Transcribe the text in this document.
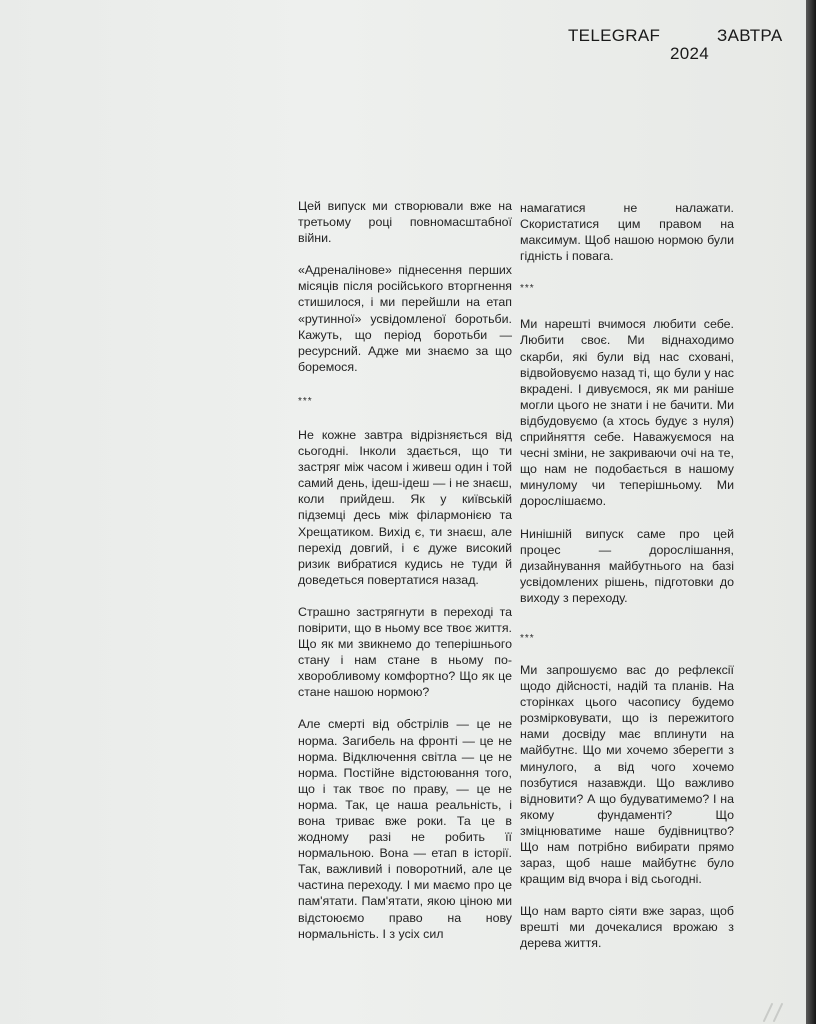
TELEGRAF	ЗАВТРА
2024

Цей випуск ми створювали вже на третьому році повномасштабної війни.

«Адреналінове» піднесення перших місяців після російського вторгнення стишилося, і ми перейшли на етап «рутинної» усвідомленої боротьби. Кажуть, що період боротьби — ресурсний. Адже ми знаємо за що боремося.

***

Не кожне завтра відрізняється від сьогодні. Інколи здається, що ти застряг між часом і живеш один і той самий день, ідеш-ідеш — і не знаєш, коли прийдеш. Як у київській підземці десь між філармонією та Хрещатиком. Вихід є, ти знаєш, але перехід довгий, і є дуже високий ризик вибратися кудись не туди й доведеться повертатися назад.

Страшно застрягнути в переході та повірити, що в ньому все твоє життя. Що як ми звикнемо до теперішнього стану і нам стане в ньому по-хворобливому комфортно? Що як це стане нашою нормою?

Але смерті від обстрілів — це не норма. Загибель на фронті — це не норма. Відключення світла — це не норма. Постійне відстоювання того, що і так твоє по праву, — це не норма. Так, це наша реальність, і вона триває вже роки. Та це в жодному разі не робить її нормальною. Вона — етап в історії. Так, важливий і поворотний, але це частина переходу. І ми маємо про це пам'ятати. Пам'ятати, якою ціною ми відстоюємо право на нову нормальність. І з усіх сил

намагатися не налажати. Скористатися цим правом на максимум. Щоб нашою нормою були гідність і повага.

***

Ми нарешті вчимося любити себе. Любити своє. Ми віднаходимо скарби, які були від нас сховані, відвойовуємо назад ті, що були у нас вкрадені. І дивуємося, як ми раніше могли цього не знати і не бачити. Ми відбудовуємо (а хтось будує з нуля) сприйняття себе. Наважуємося на чесні зміни, не закриваючи очі на те, що нам не подобається в нашому минулому чи теперішньому. Ми дорослішаємо.

Нинішній випуск саме про цей процес — дорослішання, дизайнування майбутнього на базі усвідомлених рішень, підготовки до виходу з переходу.

***

Ми запрошуємо вас до рефлексії щодо дійсності, надій та планів. На сторінках цього часопису будемо розмірковувати, що із пережитого нами досвіду має вплинути на майбутнє. Що ми хочемо зберегти з минулого, а від чого хочемо позбутися назавжди. Що важливо відновити? А що будуватимемо? І на якому фундаменті? Що зміцнюватиме наше будівництво? Що нам потрібно вибирати прямо зараз, щоб наше майбутнє було кращим від вчора і від сьогодні.

Що нам варто сіяти вже зараз, щоб врешті ми дочекалися врожаю з дерева життя.
